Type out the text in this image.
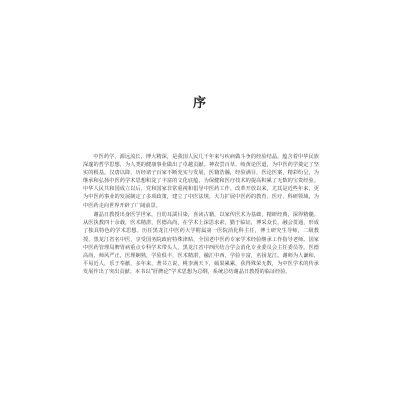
序

中医药学，源远流长，博大精深，是我国人民几千年来与疾病做斗争的经验结晶，蕴含着中华民族深邃的哲学思想，为人类的健康事业做出了卓越贡献。神农尝百草，岐黄论医道，为中医药学奠定了坚实的根基。汉唐以降，历经诸子百家不断充实与发展，医籍浩瀚，经验满目，医论医案，精彩纷呈，为继承和弘扬中医药学术思想积淀了丰富的文化底蕴，为保健和医疗技术的提高积累了无数的宝贵经验。中华人民共和国成立以后，党和国家非常重视和倡导中医药工作。改革开放以来，尤其是近些年来，更为中医药事业的发展制定了多项政策，建立了中医法规，大力扩展中医药的教育、医疗、科研领域，为中医药走向世界开辟了广阔前景。

谢晶日教授出身医学世家，自幼耳濡目染，喜读古籍，以家传医术为基础，精研经典，深得精髓。从医执教四十余载，医术精湛，医德高尚，在学术上深思求索，勤于临证，博采众长，融会贯通，形成了独具特色的学术思想。历任黑龙江中医药大学附属第一医院消化科主任，博士研究生导师，二级教授，黑龙江省名中医，享受国务院政府特殊津贴，全国老中医药专家学术经验继承工作指导老师。国家中医药管理局脾胃病重点专科学术带头人，黑龙江省中西医结合学会消化专业委员会主任委员等。医德高尚，师风严正，医理娴熟，学验俱丰，医术精湛，融汇中西，学验丰富，名扬龙江。谢师为人谦和，平易近人，乐于奉献，多年来，著书立说，桃李满天下，硕果累累，获得殊荣无数，为中医学术的传承发展作出了突出贡献。本书以“肝脾论”学术思想为总纲，系统总结谢晶日教授的临证经验。
